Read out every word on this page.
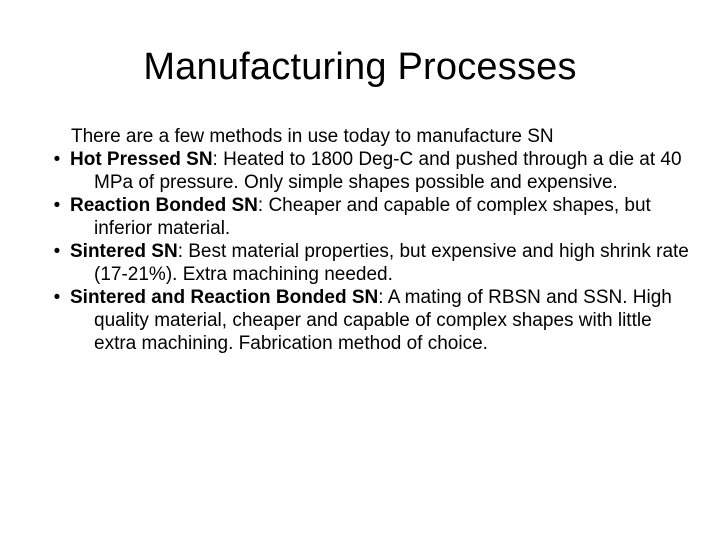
Manufacturing Processes

There are a few methods in use today to manufacture SN

• Hot Pressed SN: Heated to 1800 Deg-C and pushed through a die at 40 MPa of pressure. Only simple shapes possible and expensive.
• Reaction Bonded SN: Cheaper and capable of complex shapes, but inferior material.
• Sintered SN: Best material properties, but expensive and high shrink rate (17-21%). Extra machining needed.
• Sintered and Reaction Bonded SN: A mating of RBSN and SSN. High quality material, cheaper and capable of complex shapes with little extra machining. Fabrication method of choice.
